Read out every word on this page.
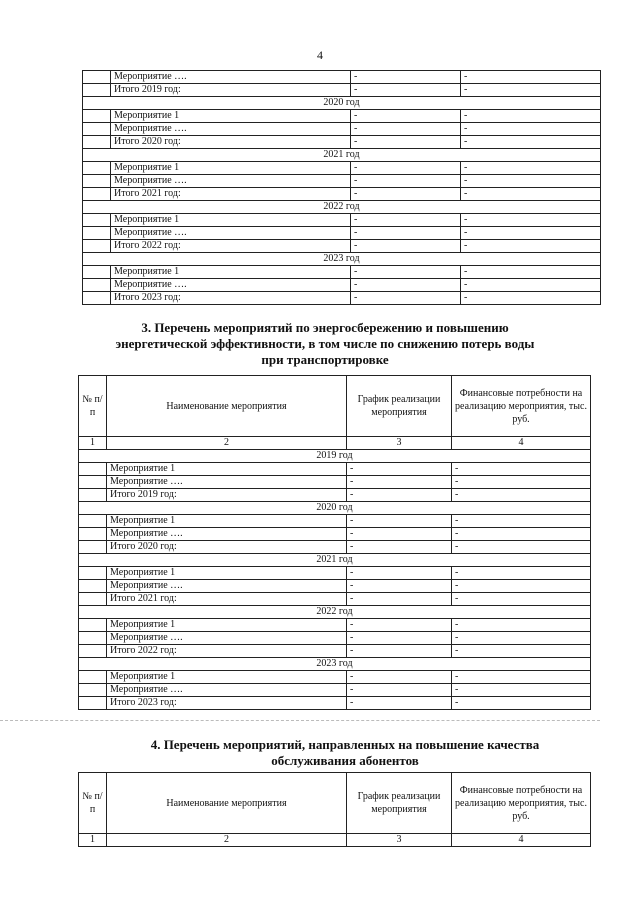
4
	Мероприятие ….	-	-
	Итого 2019 год:	-	-
2020 год			
	Мероприятие 1	-	-
	Мероприятие ….	-	-
	Итого 2020 год:	-	-
2021 год			
	Мероприятие 1	-	-
	Мероприятие ….	-	-
	Итого 2021 год:	-	-
2022 год			
	Мероприятие 1	-	-
	Мероприятие ….	-	-
	Итого 2022 год:	-	-
2023 год			
	Мероприятие 1	-	-
	Мероприятие ….	-	-
	Итого 2023 год:	-	-
3. Перечень мероприятий по энергосбережению и повышению энергетической эффективности, в том числе по снижению потерь воды при транспортировке
№ п/п	Наименование мероприятия	График реализации мероприятия	Финансовые потребности на реализацию мероприятия, тыс. руб.
1	2	3	4
2019 год			
	Мероприятие 1	-	-
	Мероприятие ….	-	-
	Итого 2019 год:	-	-
2020 год			
	Мероприятие 1	-	-
	Мероприятие ….	-	-
	Итого 2020 год:	-	-
2021 год			
	Мероприятие 1	-	-
	Мероприятие ….	-	-
	Итого 2021 год:	-	-
2022 год			
	Мероприятие 1	-	-
	Мероприятие ….	-	-
	Итого 2022 год:	-	-
2023 год			
	Мероприятие 1	-	-
	Мероприятие ….	-	-
	Итого 2023 год:	-	-
4. Перечень мероприятий, направленных на повышение качества обслуживания абонентов
№ п/п	Наименование мероприятия	График реализации мероприятия	Финансовые потребности на реализацию мероприятия, тыс. руб.
1	2	3	4
